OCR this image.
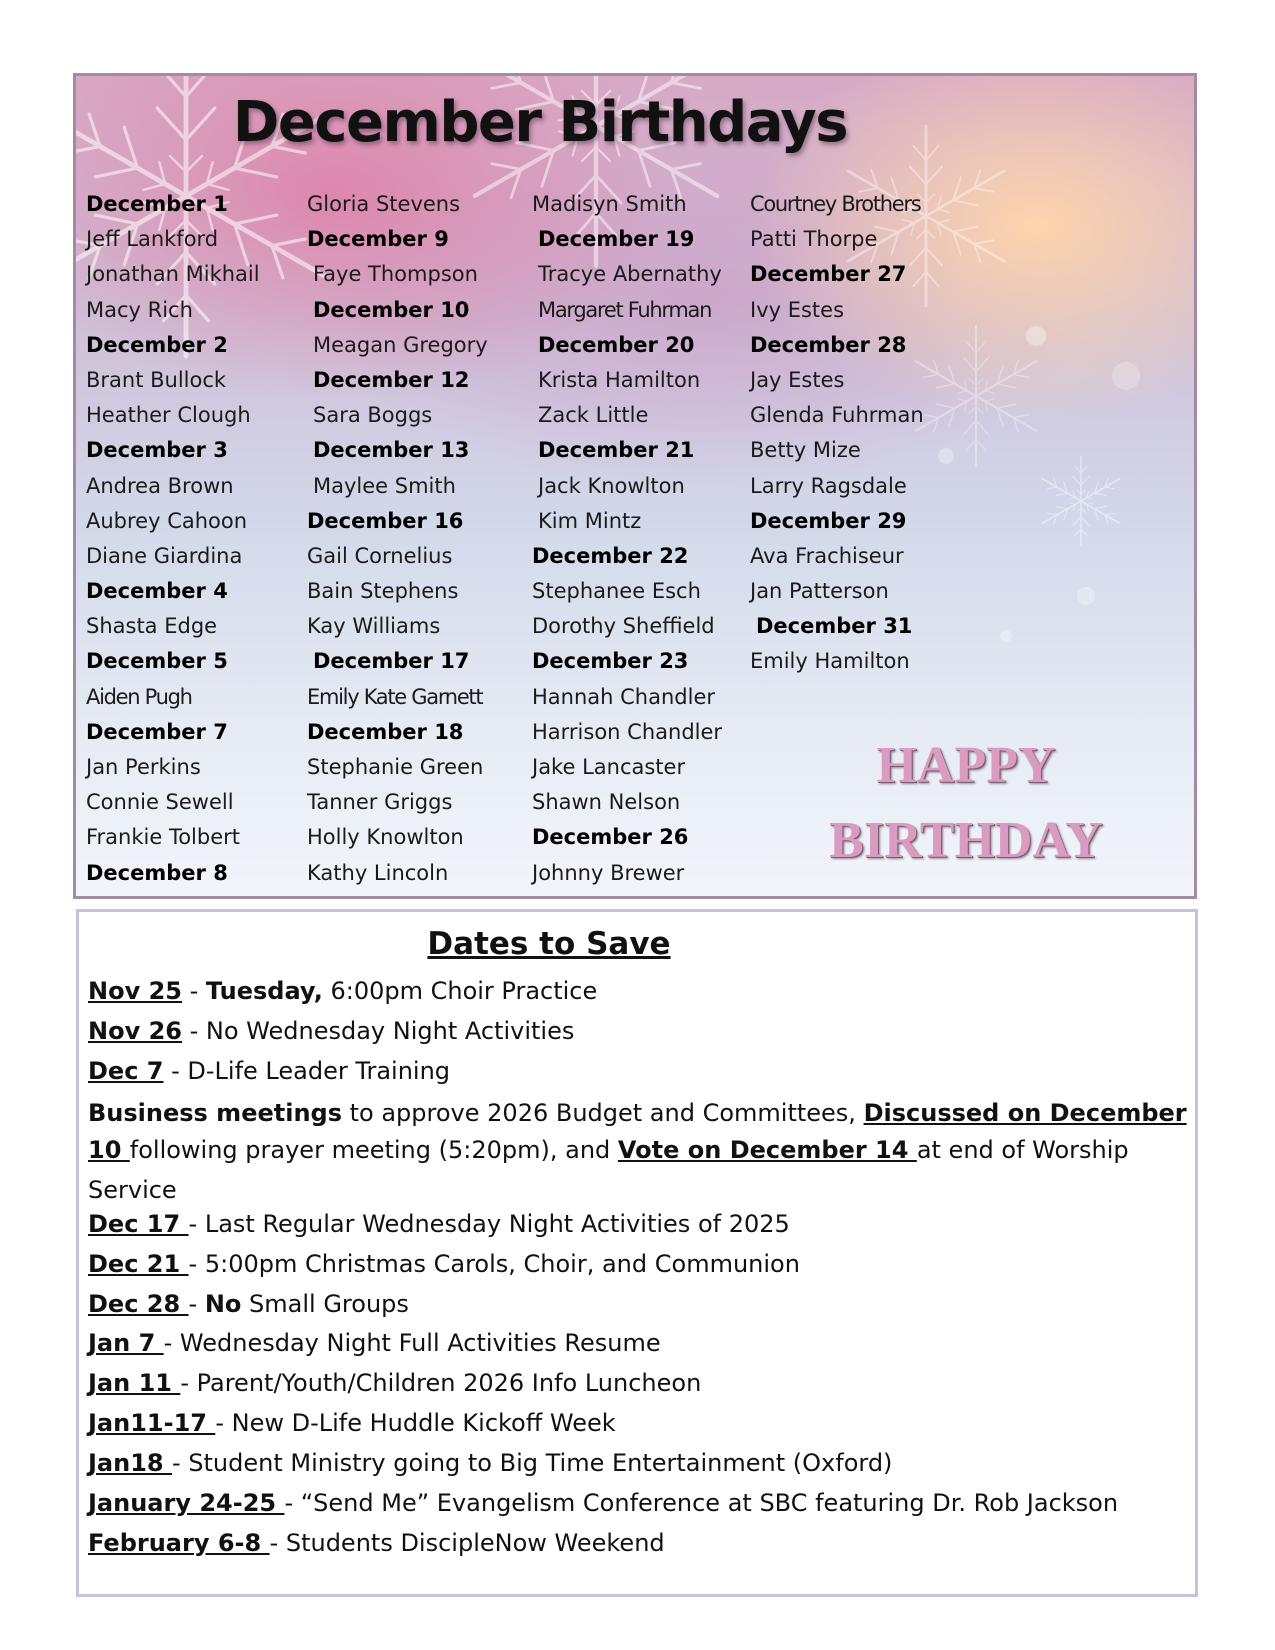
December Birthdays
December 1
Jeff Lankford
Jonathan Mikhail
Macy Rich
December 2
Brant Bullock
Heather Clough
December 3
Andrea Brown
Aubrey Cahoon
Diane Giardina
December 4
Shasta Edge
December 5
Aiden Pugh
December 7
Jan Perkins
Connie Sewell
Frankie Tolbert
December 8
Gloria Stevens
December 9
Faye Thompson
December 10
Meagan Gregory
December 12
Sara Boggs
December 13
Maylee Smith
December 16
Gail Cornelius
Bain Stephens
Kay Williams
December 17
Emily Kate Garnett
December 18
Stephanie Green
Tanner Griggs
Holly Knowlton
Kathy Lincoln
Madisyn Smith
December 19
Tracye Abernathy
Margaret Fuhrman
December 20
Krista Hamilton
Zack Little
December 21
Jack Knowlton
Kim Mintz
December 22
Stephanee Esch
Dorothy Sheffield
December 23
Hannah Chandler
Harrison Chandler
Jake Lancaster
Shawn Nelson
December 26
Johnny Brewer
Courtney Brothers
Patti Thorpe
December 27
Ivy Estes
December 28
Jay Estes
Glenda Fuhrman
Betty Mize
Larry Ragsdale
December 29
Ava Frachiseur
Jan Patterson
December 31
Emily Hamilton
HAPPY
BIRTHDAY
Dates to Save
Nov 25 - Tuesday, 6:00pm Choir Practice
Nov 26 - No Wednesday Night Activities
Dec 7 - D-Life Leader Training
Business meetings to approve 2026 Budget and Committees, Discussed on December 10 following prayer meeting (5:20pm), and Vote on December 14 at end of Worship Service
Dec 17 - Last Regular Wednesday Night Activities of 2025
Dec 21 - 5:00pm Christmas Carols, Choir, and Communion
Dec 28 - No Small Groups
Jan 7 - Wednesday Night Full Activities Resume
Jan 11 - Parent/Youth/Children 2026 Info Luncheon
Jan11-17 - New D-Life Huddle Kickoff Week
Jan18 - Student Ministry going to Big Time Entertainment (Oxford)
January 24-25 - “Send Me” Evangelism Conference at SBC featuring Dr. Rob Jackson
February 6-8 - Students DiscipleNow Weekend
